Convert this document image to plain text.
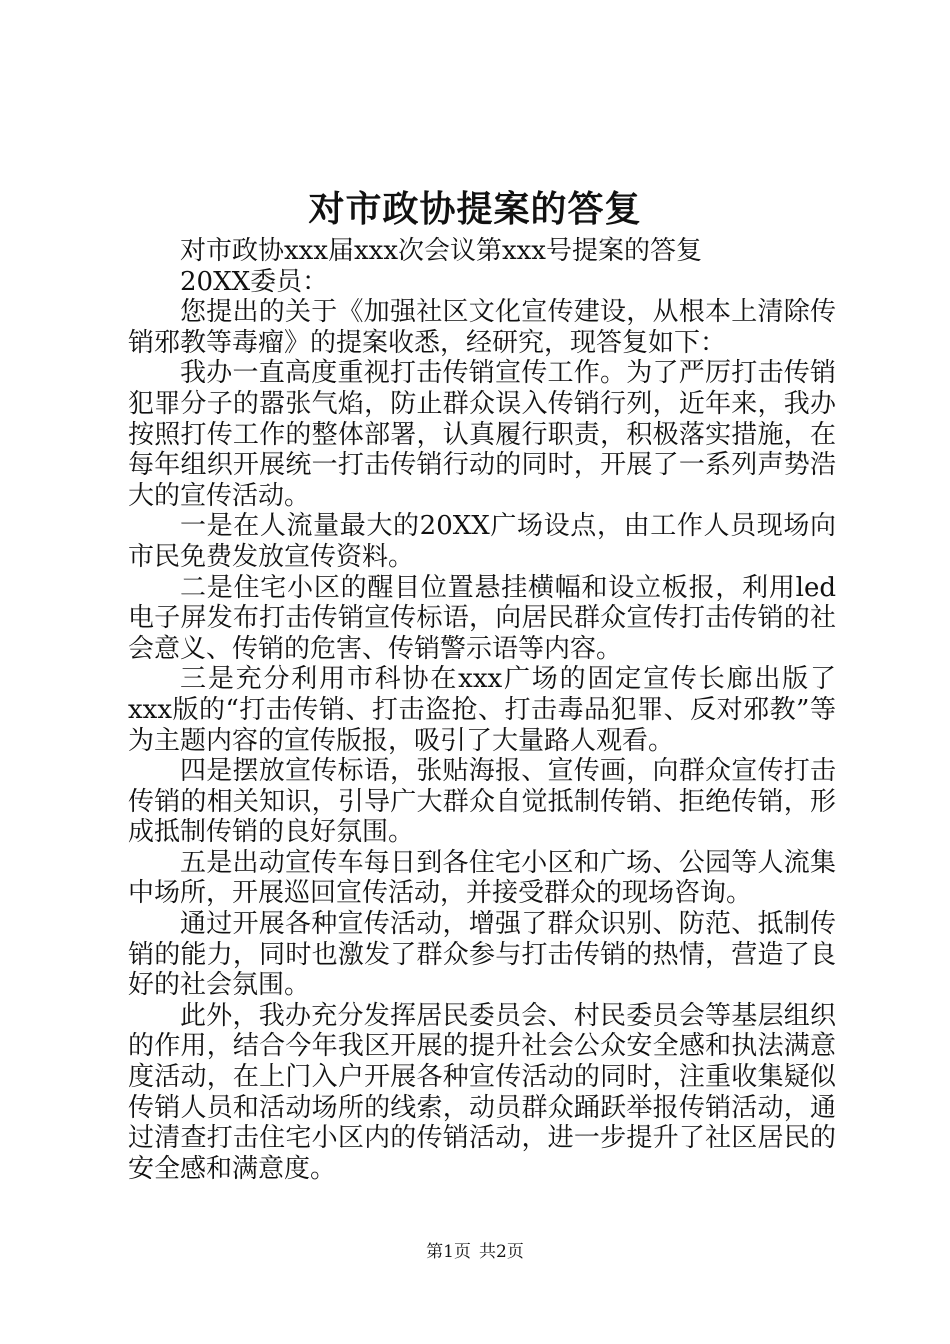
对市政协提案的答复

对市政协xxx届xxx次会议第xxx号提案的答复

20XX委员：

您提出的关于《加强社区文化宣传建设，从根本上清除传销邪教等毒瘤》的提案收悉，经研究，现答复如下：

我办一直高度重视打击传销宣传工作。为了严厉打击传销犯罪分子的嚣张气焰，防止群众误入传销行列，近年来，我办按照打传工作的整体部署，认真履行职责，积极落实措施，在每年组织开展统一打击传销行动的同时，开展了一系列声势浩大的宣传活动。

一是在人流量最大的20XX广场设点，由工作人员现场向市民免费发放宣传资料。

二是住宅小区的醒目位置悬挂横幅和设立板报，利用led电子屏发布打击传销宣传标语，向居民群众宣传打击传销的社会意义、传销的危害、传销警示语等内容。

三是充分利用市科协在xxx广场的固定宣传长廊出版了xxx版的“打击传销、打击盗抢、打击毒品犯罪、反对邪教”等为主题内容的宣传版报，吸引了大量路人观看。

四是摆放宣传标语，张贴海报、宣传画，向群众宣传打击传销的相关知识，引导广大群众自觉抵制传销、拒绝传销，形成抵制传销的良好氛围。

五是出动宣传车每日到各住宅小区和广场、公园等人流集中场所，开展巡回宣传活动，并接受群众的现场咨询。

通过开展各种宣传活动，增强了群众识别、防范、抵制传销的能力，同时也激发了群众参与打击传销的热情，营造了良好的社会氛围。

此外，我办充分发挥居民委员会、村民委员会等基层组织的作用，结合今年我区开展的提升社会公众安全感和执法满意度活动，在上门入户开展各种宣传活动的同时，注重收集疑似传销人员和活动场所的线索，动员群众踊跃举报传销活动，通过清查打击住宅小区内的传销活动，进一步提升了社区居民的安全感和满意度。

第1页 共2页
